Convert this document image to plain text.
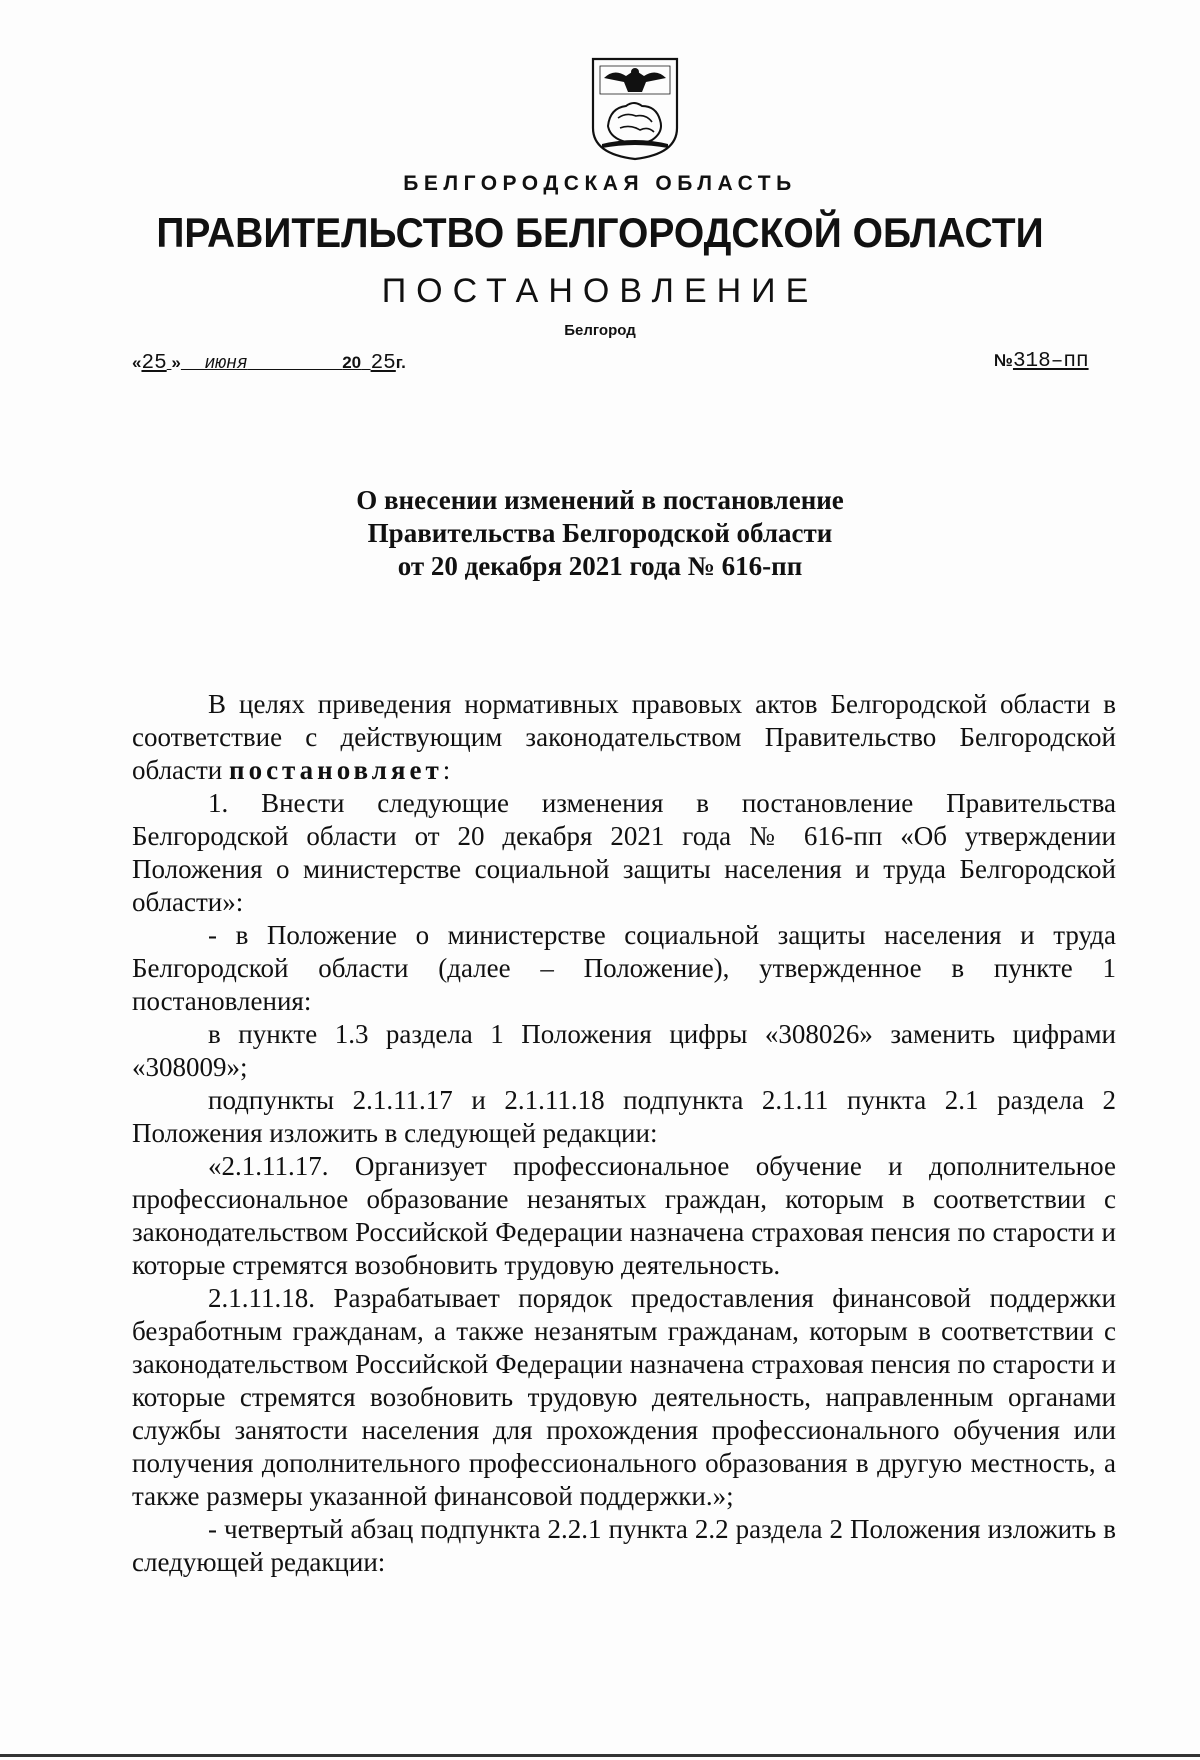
БЕЛГОРОДСКАЯ ОБЛАСТЬ
ПРАВИТЕЛЬСТВО БЕЛГОРОДСКОЙ ОБЛАСТИ
ПОСТАНОВЛЕНИЕ
Белгород
«25 » июня	20 25г.	№318–пп
О внесении изменений в постановление
Правительства Белгородской области
от 20 декабря 2021 года № 616-пп

В целях приведения нормативных правовых актов Белгородской области в соответствие с действующим законодательством Правительство Белгородской области постановляет:

1. Внести следующие изменения в постановление Правительства Белгородской области от 20 декабря 2021 года № 616-пп «Об утверждении Положения о министерстве социальной защиты населения и труда Белгородской области»:

- в Положение о министерстве социальной защиты населения и труда Белгородской области (далее – Положение), утвержденное в пункте 1 постановления:

в пункте 1.3 раздела 1 Положения цифры «308026» заменить цифрами «308009»;

подпункты 2.1.11.17 и 2.1.11.18 подпункта 2.1.11 пункта 2.1 раздела 2 Положения изложить в следующей редакции:

«2.1.11.17. Организует профессиональное обучение и дополнительное профессиональное образование незанятых граждан, которым в соответствии с законодательством Российской Федерации назначена страховая пенсия по старости и которые стремятся возобновить трудовую деятельность.

2.1.11.18. Разрабатывает порядок предоставления финансовой поддержки безработным гражданам, а также незанятым гражданам, которым в соответствии с законодательством Российской Федерации назначена страховая пенсия по старости и которые стремятся возобновить трудовую деятельность, направленным органами службы занятости населения для прохождения профессионального обучения или получения дополнительного профессионального образования в другую местность, а также размеры указанной финансовой поддержки.»;

- четвертый абзац подпункта 2.2.1 пункта 2.2 раздела 2 Положения изложить в следующей редакции:
